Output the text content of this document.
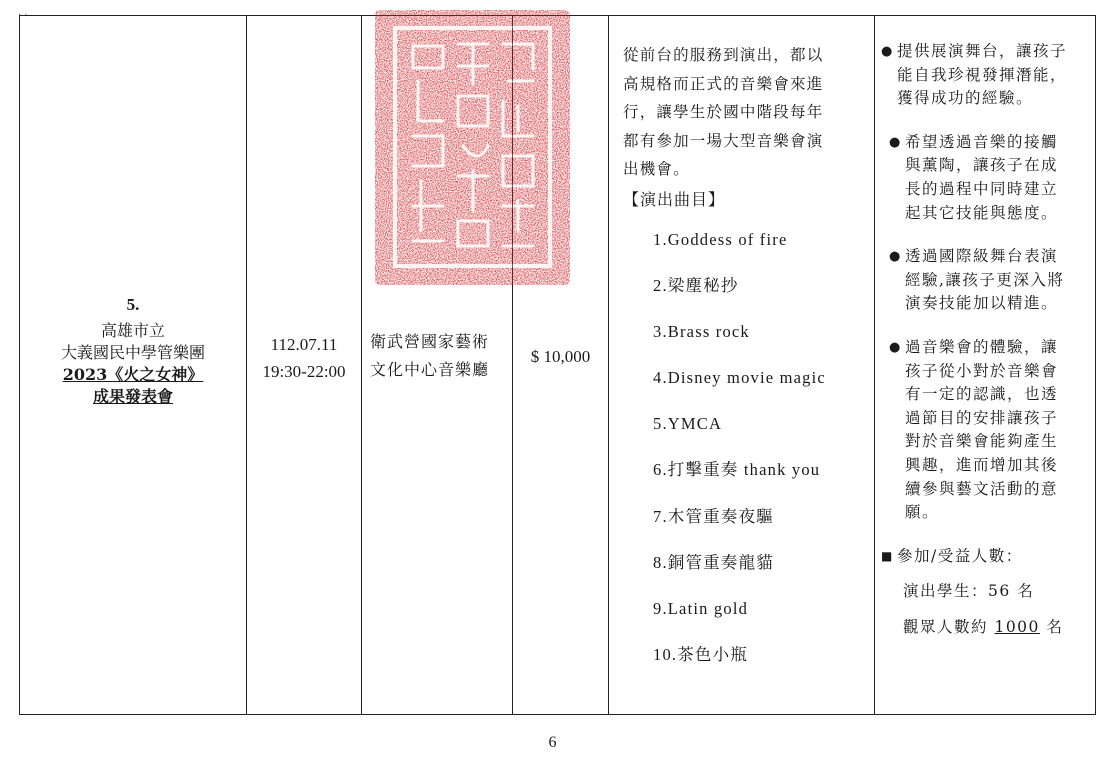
· ·
5.
高雄市立
大義國民中學管樂團
2023《火之女神》
成果發表會

112.07.11
19:30-22:00

衛武營國家藝術
文化中心音樂廳

$ 10,000

從前台的服務到演出，都以
高規格而正式的音樂會來進
行，讓學生於國中階段每年
都有參加一場大型音樂會演
出機會。
【演出曲目】
1.Goddess of fire
2.梁塵秘抄
3.Brass rock
4.Disney movie magic
5.YMCA
6.打擊重奏 thank you
7.木管重奏夜驅
8.銅管重奏龍貓
9.Latin gold
10.茶色小瓶

● 提供展演舞台，讓孩子
能自我珍視發揮潛能，
獲得成功的經驗。
● 希望透過音樂的接觸
與薰陶，讓孩子在成
長的過程中同時建立
起其它技能與態度。
● 透過國際級舞台表演
經驗,讓孩子更深入將
演奏技能加以精進。
● 過音樂會的體驗，讓
孩子從小對於音樂會
有一定的認識，也透
過節目的安排讓孩子
對於音樂會能夠產生
興趣，進而增加其後
續參與藝文活動的意
願。
■ 參加/受益人數：
演出學生：56 名
觀眾人數約 1000 名
6
